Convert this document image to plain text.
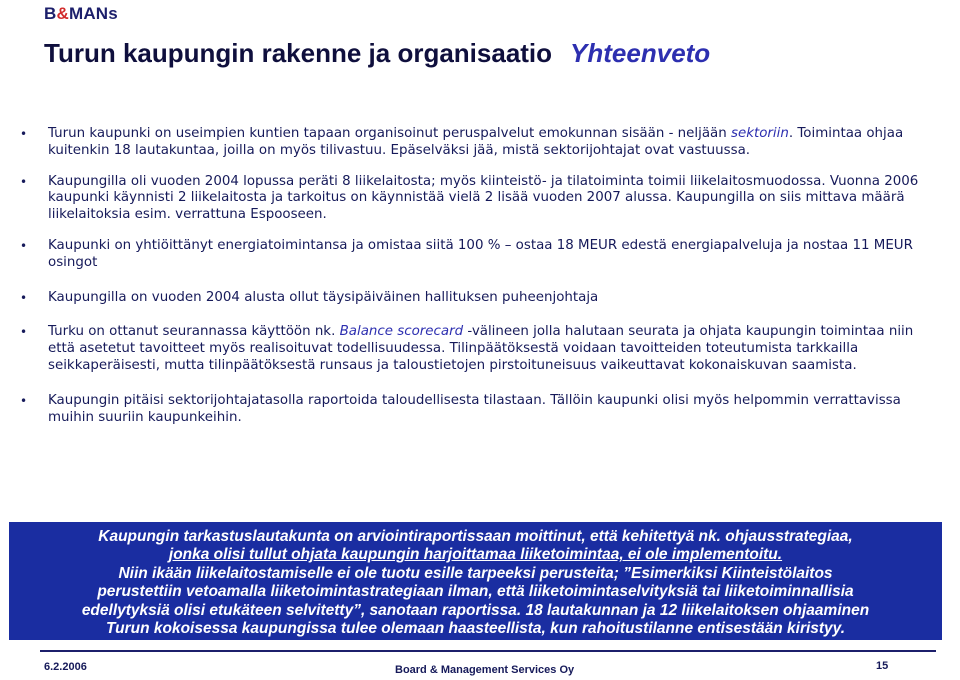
B&MANs
Turun kaupungin rakenne ja organisaatio Yhteenveto
• Turun kaupunki on useimpien kuntien tapaan organisoinut peruspalvelut emokunnan sisään - neljään sektoriin. Toimintaa ohjaa kuitenkin 18 lautakuntaa, joilla on myös tilivastuu. Epäselväksi jää, mistä sektorijohtajat ovat vastuussa.
• Kaupungilla oli vuoden 2004 lopussa peräti 8 liikelaitosta; myös kiinteistö- ja tilatoiminta toimii liikelaitosmuodossa. Vuonna 2006 kaupunki käynnisti 2 liikelaitosta ja tarkoitus on käynnistää vielä 2 lisää vuoden 2007 alussa. Kaupungilla on siis mittava määrä liikelaitoksia esim. verrattuna Espooseen.
• Kaupunki on yhtiöittänyt energiatoimintansa ja omistaa siitä 100 % – ostaa 18 MEUR edestä energiapalveluja ja nostaa 11 MEUR osingot
• Kaupungilla on vuoden 2004 alusta ollut täysipäiväinen hallituksen puheenjohtaja
• Turku on ottanut seurannassa käyttöön nk. Balance scorecard -välineen jolla halutaan seurata ja ohjata kaupungin toimintaa niin että asetetut tavoitteet myös realisoituvat todellisuudessa. Tilinpäätöksestä voidaan tavoitteiden toteutumista tarkkailla seikkaperäisesti, mutta tilinpäätöksestä runsaus ja taloustietojen pirstoituneisuus vaikeuttavat kokonaiskuvan saamista.
• Kaupungin pitäisi sektorijohtajatasolla raportoida taloudellisesta tilastaan. Tällöin kaupunki olisi myös helpommin verrattavissa muihin suuriin kaupunkeihin.
Kaupungin tarkastuslautakunta on arviointiraportissaan moittinut, että kehitettyä nk. ohjausstrategiaa,
jonka olisi tullut ohjata kaupungin harjoittamaa liiketoimintaa, ei ole implementoitu.
Niin ikään liikelaitostamiselle ei ole tuotu esille tarpeeksi perusteita; ”Esimerkiksi Kiinteistölaitos
perustettiin vetoamalla liiketoimintastrategiaan ilman, että liiketoimintaselvityksiä tai liiketoiminnallisia
edellytyksiä olisi etukäteen selvitetty”, sanotaan raportissa. 18 lautakunnan ja 12 liikelaitoksen ohjaaminen
Turun kokoisessa kaupungissa tulee olemaan haasteellista, kun rahoitustilanne entisestään kiristyy.
6.2.2006	Board & Management Services Oy	15
